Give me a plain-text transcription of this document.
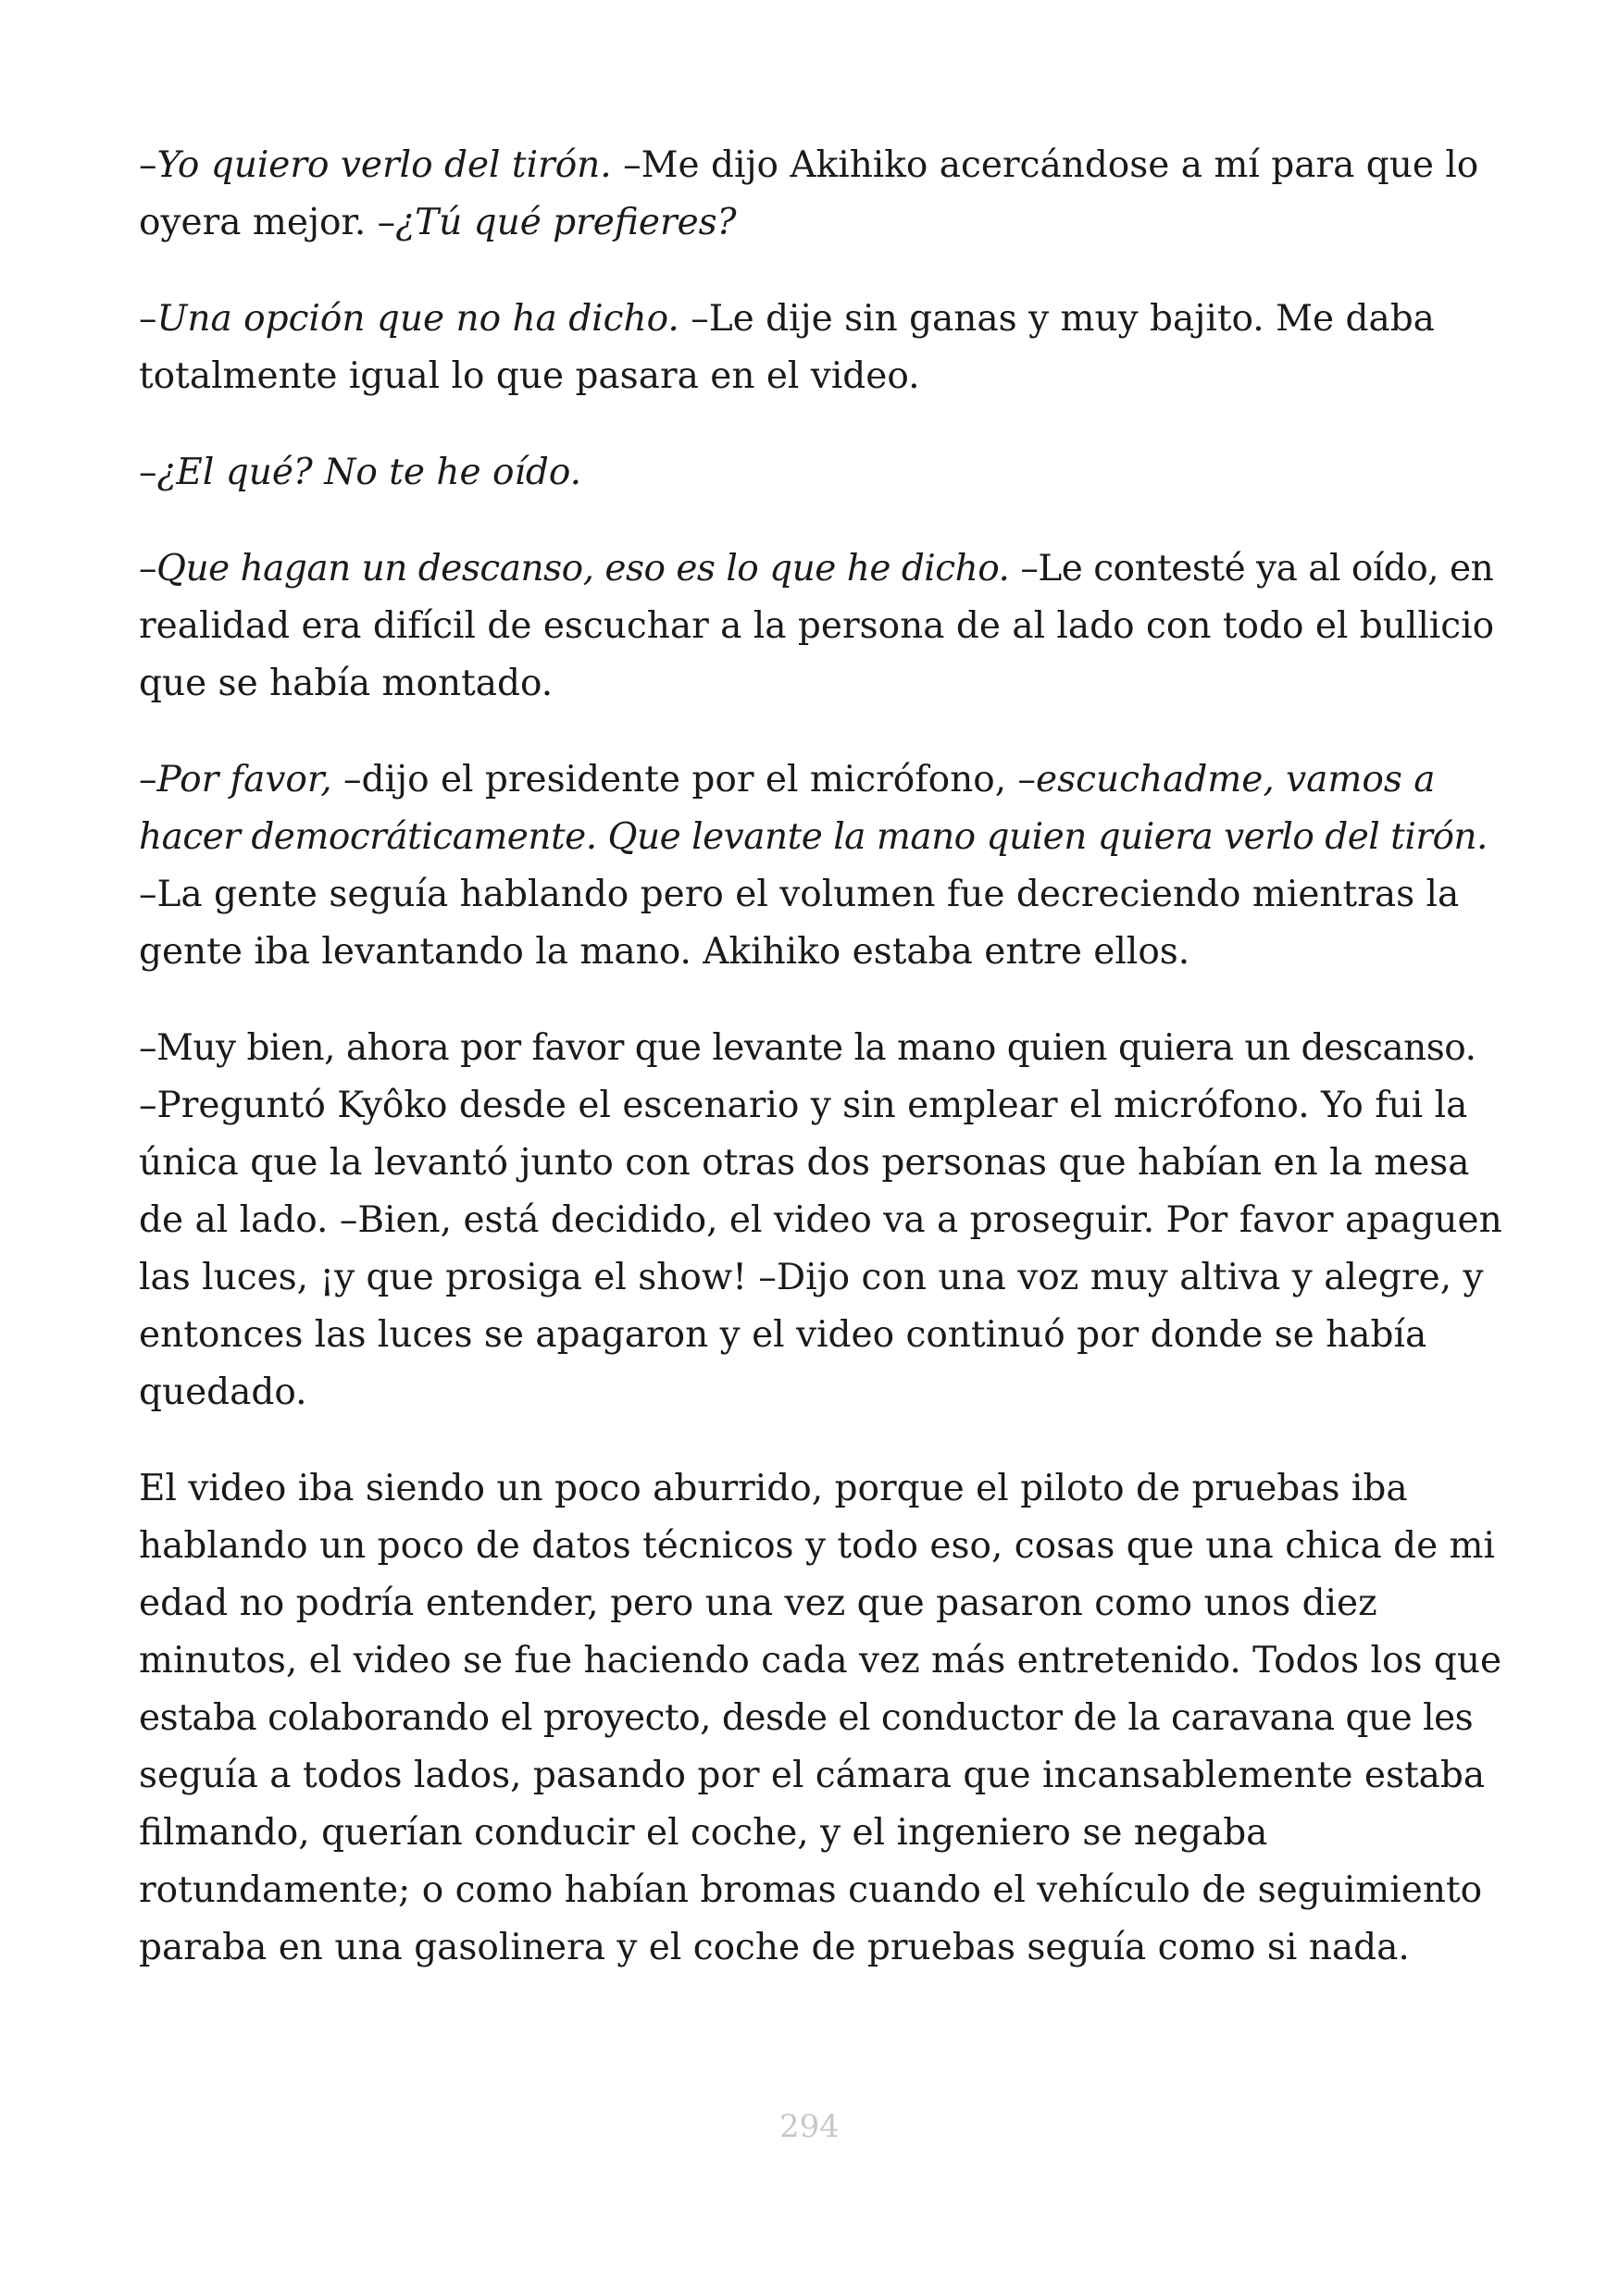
–Yo quiero verlo del tirón. –Me dijo Akihiko acercándose a mí para que lo
oyera mejor. –¿Tú qué prefieres?

–Una opción que no ha dicho. –Le dije sin ganas y muy bajito. Me daba
totalmente igual lo que pasara en el video.

–¿El qué? No te he oído.

–Que hagan un descanso, eso es lo que he dicho. –Le contesté ya al oído, en
realidad era difícil de escuchar a la persona de al lado con todo el bullicio
que se había montado.

–Por favor, –dijo el presidente por el micrófono, –escuchadme, vamos a
hacer democráticamente. Que levante la mano quien quiera verlo del tirón.
–La gente seguía hablando pero el volumen fue decreciendo mientras la
gente iba levantando la mano. Akihiko estaba entre ellos.

–Muy bien, ahora por favor que levante la mano quien quiera un descanso.
–Preguntó Kyôko desde el escenario y sin emplear el micrófono. Yo fui la
única que la levantó junto con otras dos personas que habían en la mesa
de al lado. –Bien, está decidido, el video va a proseguir. Por favor apaguen
las luces, ¡y que prosiga el show! –Dijo con una voz muy altiva y alegre, y
entonces las luces se apagaron y el video continuó por donde se había
quedado.

El video iba siendo un poco aburrido, porque el piloto de pruebas iba
hablando un poco de datos técnicos y todo eso, cosas que una chica de mi
edad no podría entender, pero una vez que pasaron como unos diez
minutos, el video se fue haciendo cada vez más entretenido. Todos los que
estaba colaborando el proyecto, desde el conductor de la caravana que les
seguía a todos lados, pasando por el cámara que incansablemente estaba
filmando, querían conducir el coche, y el ingeniero se negaba
rotundamente; o como habían bromas cuando el vehículo de seguimiento
paraba en una gasolinera y el coche de pruebas seguía como si nada.

294
